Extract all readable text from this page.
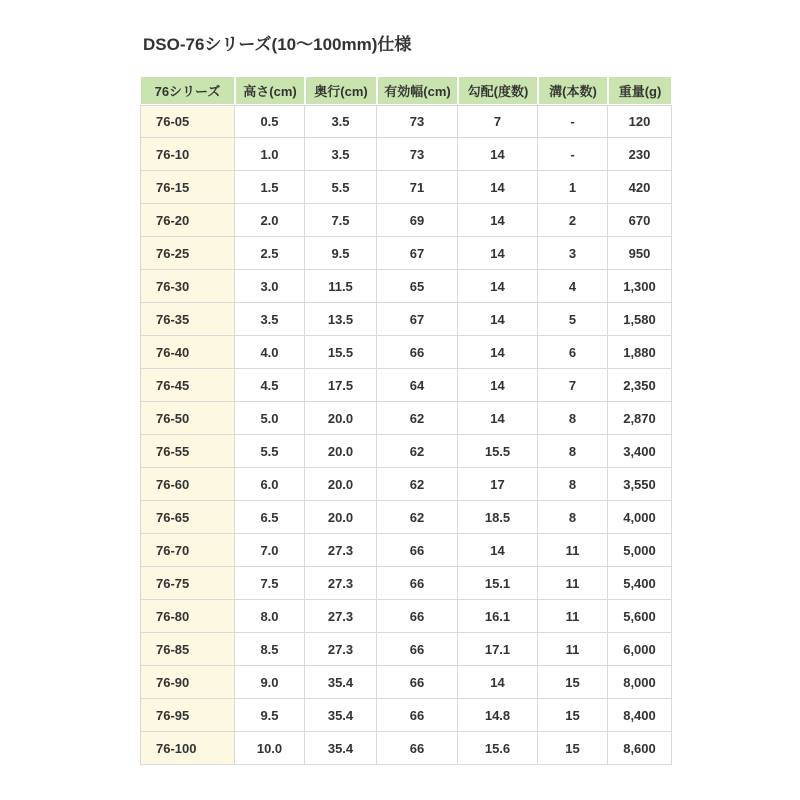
DSO-76シリーズ(10～100mm)仕様
76シリーズ	高さ(cm)	奥行(cm)	有効幅(cm)	勾配(度数)	溝(本数)	重量(g)
76-05	0.5	3.5	73	7	-	120
76-10	1.0	3.5	73	14	-	230
76-15	1.5	5.5	71	14	1	420
76-20	2.0	7.5	69	14	2	670
76-25	2.5	9.5	67	14	3	950
76-30	3.0	11.5	65	14	4	1,300
76-35	3.5	13.5	67	14	5	1,580
76-40	4.0	15.5	66	14	6	1,880
76-45	4.5	17.5	64	14	7	2,350
76-50	5.0	20.0	62	14	8	2,870
76-55	5.5	20.0	62	15.5	8	3,400
76-60	6.0	20.0	62	17	8	3,550
76-65	6.5	20.0	62	18.5	8	4,000
76-70	7.0	27.3	66	14	11	5,000
76-75	7.5	27.3	66	15.1	11	5,400
76-80	8.0	27.3	66	16.1	11	5,600
76-85	8.5	27.3	66	17.1	11	6,000
76-90	9.0	35.4	66	14	15	8,000
76-95	9.5	35.4	66	14.8	15	8,400
76-100	10.0	35.4	66	15.6	15	8,600
